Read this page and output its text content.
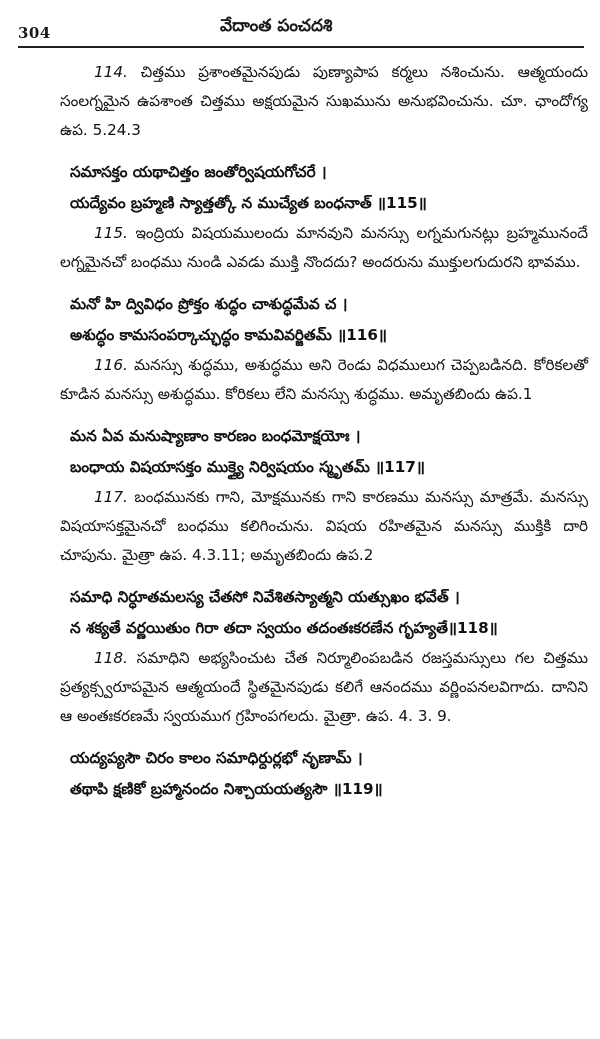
304	వేదాంత పంచదశి

114. చిత్తము ప్రశాంతమైనపుడు పుణ్యాపాప కర్మలు నశించును. ఆత్మయందు సంలగ్నమైన ఉపశాంత చిత్తము అక్షయమైన సుఖమును అనుభవించును. చూ. ఛాందోగ్య ఉప. 5.24.3

సమాసక్తం యథాచిత్తం జంతోర్విషయగోచరే ।

యద్యేవం బ్రహ్మణి స్యాత్తత్కో న ముచ్యేత బంధనాత్ ॥115॥

115. ఇంద్రియ విషయములందు మానవుని మనస్సు లగ్నమగునట్లు బ్రహ్మమునందే లగ్నమైనచో బంధము నుండి ఎవడు ముక్తి నొందదు? అందరును ముక్తులగుదురని భావము.

మనో హి ద్వివిధం ప్రోక్తం శుద్ధం చాశుద్ధమేవ చ ।

అశుద్ధం కామసంపర్కాచ్ఛుద్ధం కామవివర్జితమ్ ॥116॥

116. మనస్సు శుద్ధము, అశుద్ధము అని రెండు విధములుగ చెప్పబడినది. కోరికలతో కూడిన మనస్సు అశుద్ధము. కోరికలు లేని మనస్సు శుద్ధము. అమృతబిందు ఉప.1

మన ఏవ మనుష్యాణాం కారణం బంధమోక్షయోః ।

బంధాయ విషయాసక్తం ముక్త్యై నిర్విషయం స్మృతమ్ ॥117॥

117. బంధమునకు గాని, మోక్షమునకు గాని కారణము మనస్సు మాత్రమే. మనస్సు విషయాసక్తమైనచో బంధము కలిగించును. విషయ రహితమైన మనస్సు ముక్తికి దారి చూపును. మైత్రా ఉప. 4.3.11; అమృతబిందు ఉప.2

సమాధి నిర్ధూతమలస్య చేతసో నివేశితస్యాత్మని యత్సుఖం భవేత్ ।

న శక్యతే వర్ణయితుం గిరా తదా స్వయం తదంతఃకరణేన గృహ్యతే॥118॥

118. సమాధిని అభ్యసించుట చేత నిర్మూలింపబడిన రజస్తమస్సులు గల చిత్తము ప్రత్యక్స్వరూపమైన ఆత్మయందే స్థితమైనపుడు కలిగే ఆనందము వర్ణింపనలవిగాదు. దానిని ఆ అంతఃకరణమే స్వయముగ గ్రహింపగలదు. మైత్రా. ఉప. 4. 3. 9.

యద్యప్యసౌ చిరం కాలం సమాధిర్దుర్లభో నృణామ్ ।

తథాపి క్షణికో బ్రహ్మానందం నిశ్చాయయత్యసౌ ॥119॥
